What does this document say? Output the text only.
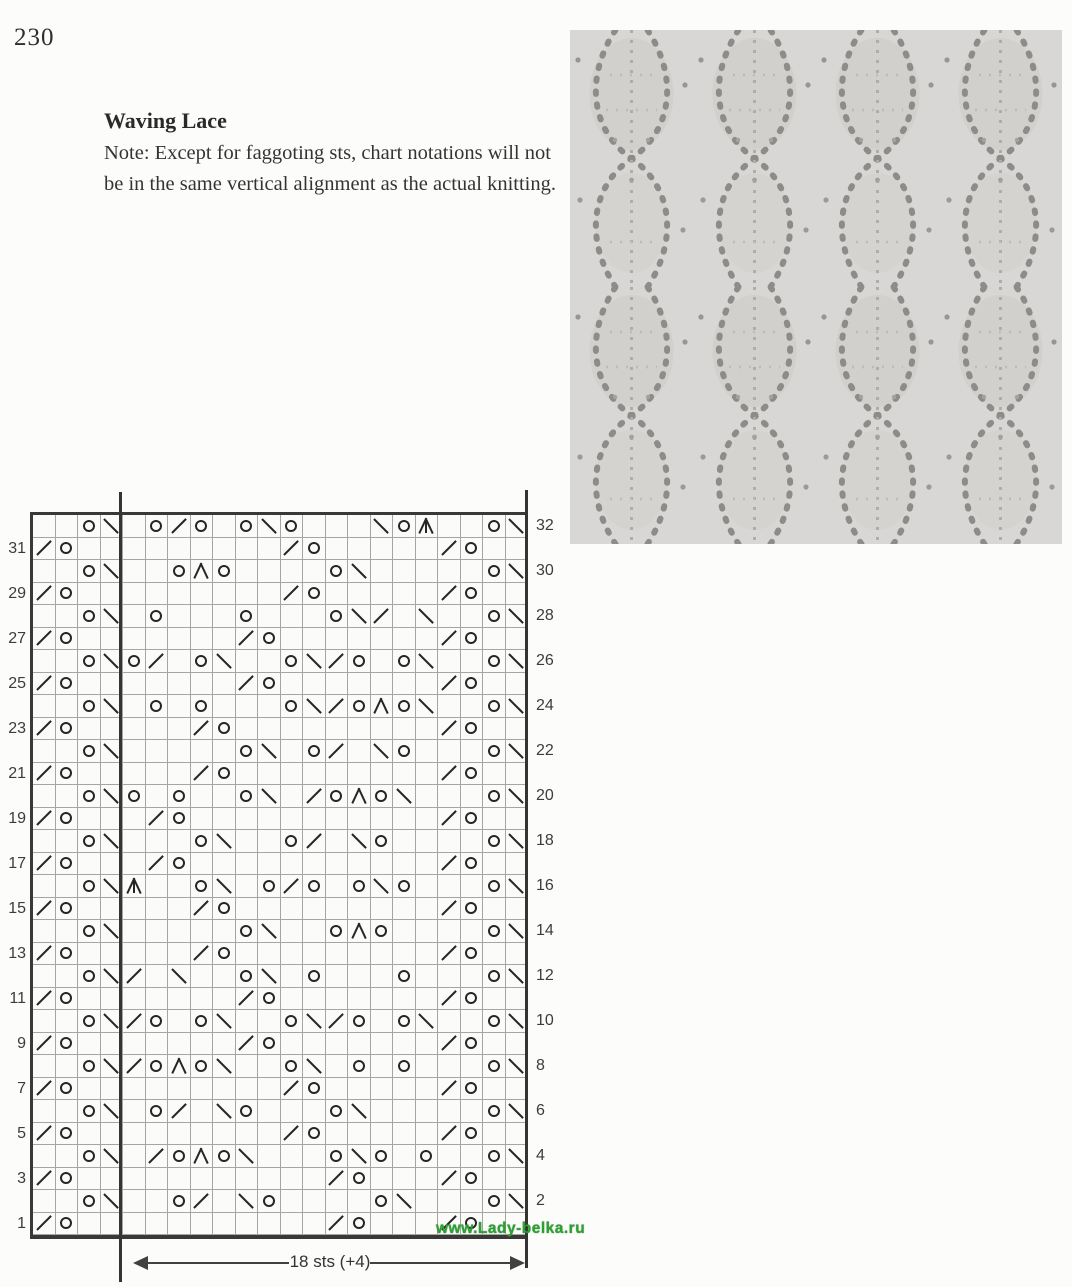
230
Waving Lace

Note: Except for faggoting sts, chart notations will not be in the same vertical alignment as the actual knitting.

31
29
27
25
23
21
19
17
15
13
11
9
7
5
3
1
32
30
28
26
24
22
20
18
16
14
12
10
8
6
4
2
18 sts (+4)
www.Lady-belka.ru
